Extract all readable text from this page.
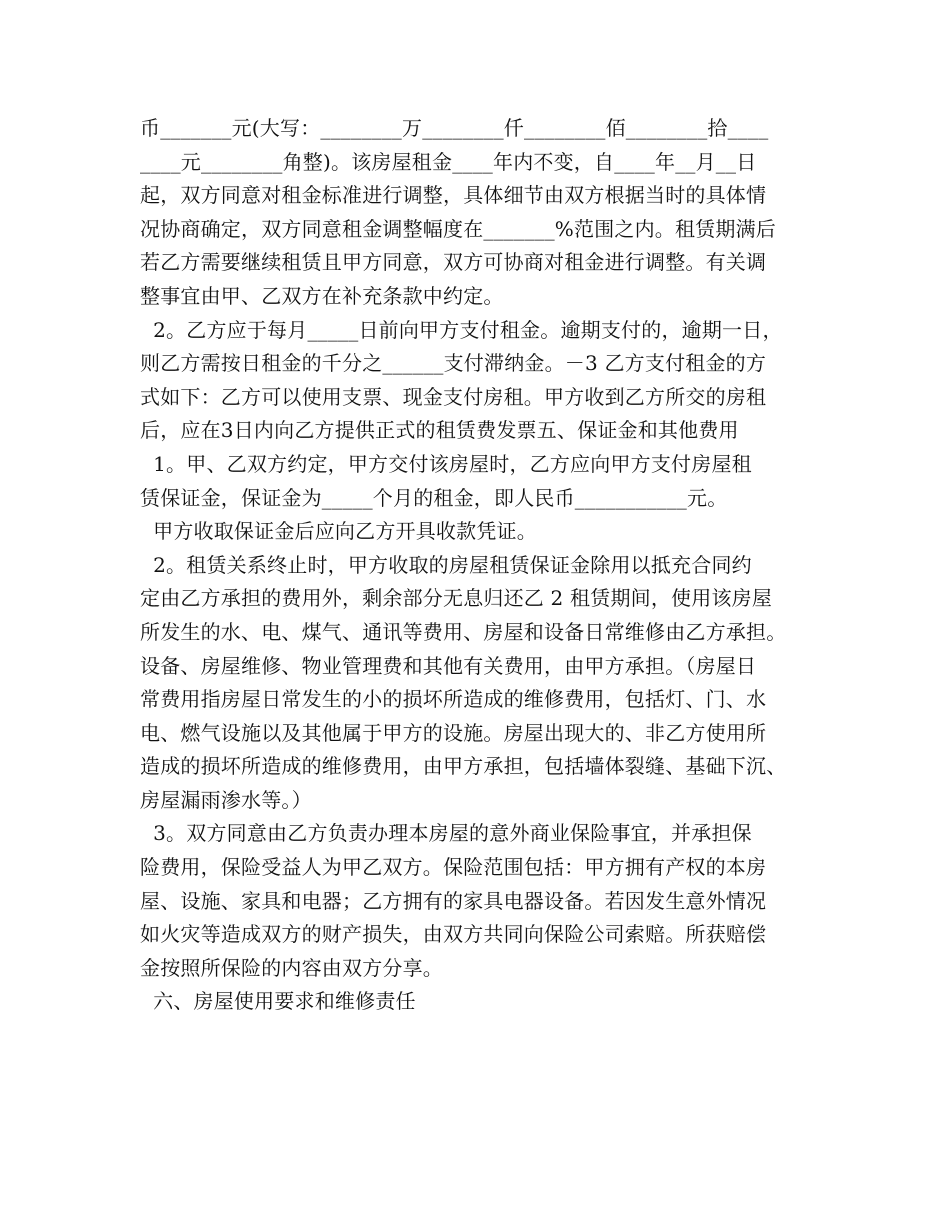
币_______元(大写：________万________仟________佰________拾____
____元________角整)。该房屋租金____年内不变，自____年__月__日
起，双方同意对租金标准进行调整，具体细节由双方根据当时的具体情
况协商确定，双方同意租金调整幅度在_______%范围之内。租赁期满后
若乙方需要继续租赁且甲方同意，双方可协商对租金进行调整。有关调
整事宜由甲、乙双方在补充条款中约定。
2。乙方应于每月_____日前向甲方支付租金。逾期支付的，逾期一日，
则乙方需按日租金的千分之______支付滞纳金。－3 乙方支付租金的方
式如下：乙方可以使用支票、现金支付房租。甲方收到乙方所交的房租
后，应在3日内向乙方提供正式的租赁费发票五、保证金和其他费用
1。甲、乙双方约定，甲方交付该房屋时，乙方应向甲方支付房屋租
赁保证金，保证金为_____个月的租金，即人民币___________元。
甲方收取保证金后应向乙方开具收款凭证。
2。租赁关系终止时，甲方收取的房屋租赁保证金除用以抵充合同约
定由乙方承担的费用外，剩余部分无息归还乙 2 租赁期间，使用该房屋
所发生的水、电、煤气、通讯等费用、房屋和设备日常维修由乙方承担。
设备、房屋维修、物业管理费和其他有关费用，由甲方承担。（房屋日
常费用指房屋日常发生的小的损坏所造成的维修费用，包括灯、门、水
电、燃气设施以及其他属于甲方的设施。房屋出现大的、非乙方使用所
造成的损坏所造成的维修费用，由甲方承担，包括墙体裂缝、基础下沉、
房屋漏雨渗水等。）
3。双方同意由乙方负责办理本房屋的意外商业保险事宜，并承担保
险费用，保险受益人为甲乙双方。保险范围包括：甲方拥有产权的本房
屋、设施、家具和电器；乙方拥有的家具电器设备。若因发生意外情况
如火灾等造成双方的财产损失，由双方共同向保险公司索赔。所获赔偿
金按照所保险的内容由双方分享。
六、房屋使用要求和维修责任
